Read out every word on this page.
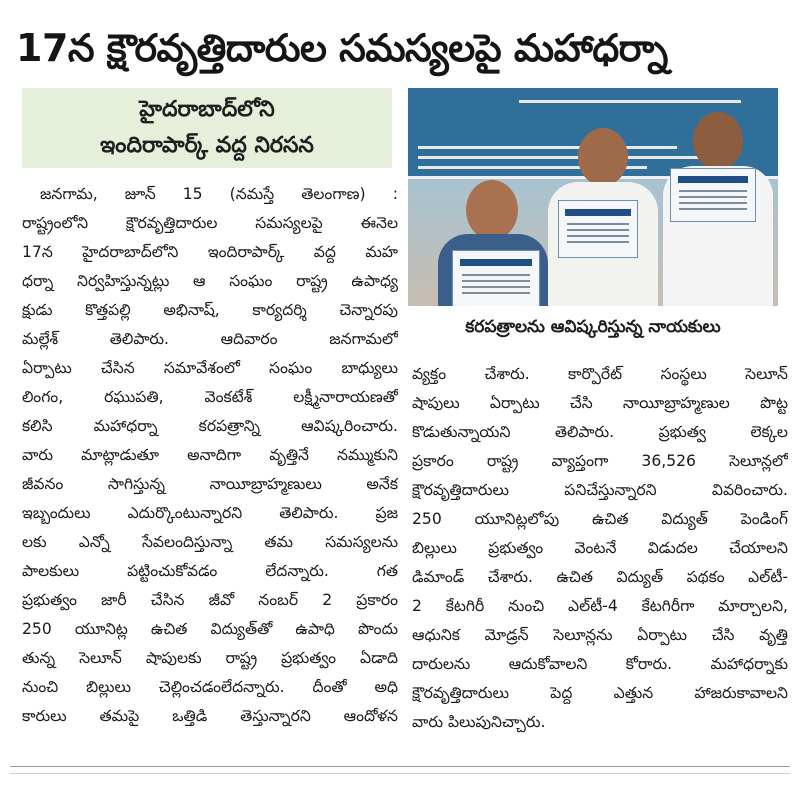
17న క్షౌరవృత్తిదారుల సమస్యలపై మహాధర్నా
హైదరాబాద్‌లోని
ఇందిరాపార్క్ వద్ద నిరసన
కరపత్రాలను ఆవిష్కరిస్తున్న నాయకులు
జనగామ, జూన్ 15 (నమస్తే తెలంగాణ) :
రాష్ట్రంలోని క్షౌరవృత్తిదారుల సమస్యలపై ఈనెల
17న హైదరాబాద్‌లోని ఇందిరాపార్క్ వద్ద మహ
ధర్నా నిర్వహిస్తున్నట్లు ఆ సంఘం రాష్ట్ర ఉపాధ్య
క్షుడు కొత్తపల్లి అభినాష్, కార్యదర్శి చెన్నారపు
మల్లేశ్ తెలిపారు. ఆదివారం జనగామలో
ఏర్పాటు చేసిన సమావేశంలో సంఘం బాధ్యులు
లింగం, రఘుపతి, వెంకటేశ్ లక్ష్మీనారాయణతో
కలిసి మహాధర్నా కరపత్రాన్ని ఆవిష్కరించారు.
వారు మాట్లాడుతూ అనాదిగా వృత్తినే నమ్ముకుని
జీవనం సాగిస్తున్న నాయీబ్రాహ్మణులు అనేక
ఇబ్బందులు ఎదుర్కొంటున్నారని తెలిపారు. ప్రజ
లకు ఎన్నో సేవలందిస్తున్నా తమ సమస్యలను
పాలకులు పట్టించుకోవడం లేదన్నారు. గత
ప్రభుత్వం జారీ చేసిన జీవో నంబర్ 2 ప్రకారం
250 యూనిట్ల ఉచిత విద్యుత్‌తో ఉపాధి పొందు
తున్న సెలూన్ షాపులకు రాష్ట్ర ప్రభుత్వం ఏడాది
నుంచి బిల్లులు చెల్లించడంలేదన్నారు. దీంతో అధి
కారులు తమపై ఒత్తిడి తెస్తున్నారని ఆందోళన
వ్యక్తం చేశారు. కార్పొరేట్ సంస్థలు సెలూన్
షాపులు ఏర్పాటు చేసి నాయీబ్రాహ్మణుల పొట్ట
కొడుతున్నాయని తెలిపారు. ప్రభుత్వ లెక్కల
ప్రకారం రాష్ట్ర వ్యాప్తంగా 36,526 సెలూన్లలో
క్షౌరవృత్తిదారులు పనిచేస్తున్నారని వివరించారు.
250 యూనిట్లలోపు ఉచిత విద్యుత్ పెండింగ్
బిల్లులు ప్రభుత్వం వెంటనే విడుదల చేయాలని
డిమాండ్ చేశారు. ఉచిత విద్యుత్ పథకం ఎల్‌టీ-
2 కేటగిరీ నుంచి ఎల్‌టీ-4 కేటగిరీగా మార్చాలని,
ఆధునిక మోడ్రన్ సెలూన్లను ఏర్పాటు చేసి వృత్తి
దారులను ఆదుకోవాలని కోరారు. మహాధర్నాకు
క్షౌరవృత్తిదారులు పెద్ద ఎత్తున హాజరుకావాలని
వారు పిలుపునిచ్చారు.
